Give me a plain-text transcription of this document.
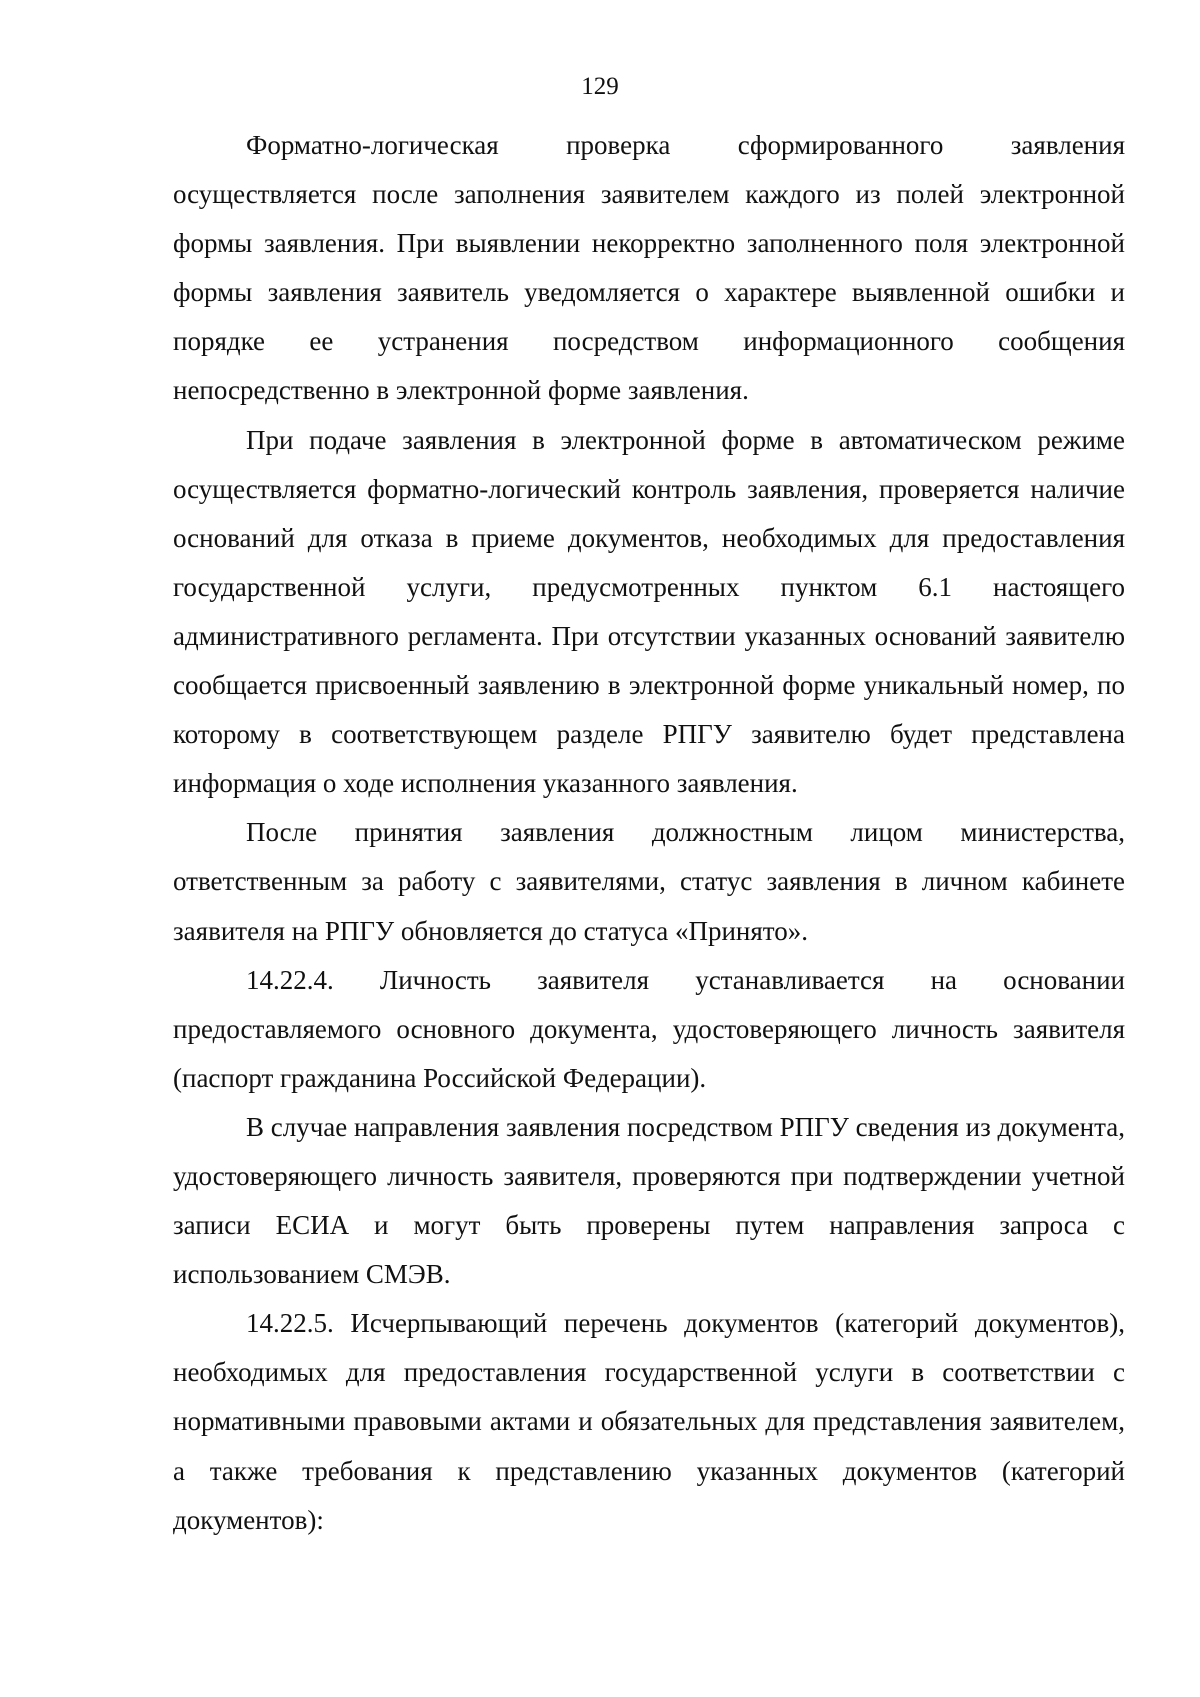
129

Форматно-логическая проверка сформированного заявления осуществляется после заполнения заявителем каждого из полей электронной формы заявления. При выявлении некорректно заполненного поля электронной формы заявления заявитель уведомляется о характере выявленной ошибки и порядке ее устранения посредством информационного сообщения непосредственно в электронной форме заявления.

При подаче заявления в электронной форме в автоматическом режиме осуществляется форматно-логический контроль заявления, проверяется наличие оснований для отказа в приеме документов, необходимых для предоставления государственной услуги, предусмотренных пунктом 6.1 настоящего административного регламента. При отсутствии указанных оснований заявителю сообщается присвоенный заявлению в электронной форме уникальный номер, по которому в соответствующем разделе РПГУ заявителю будет представлена информация о ходе исполнения указанного заявления.

После принятия заявления должностным лицом министерства, ответственным за работу с заявителями, статус заявления в личном кабинете заявителя на РПГУ обновляется до статуса «Принято».

14.22.4. Личность заявителя устанавливается на основании предоставляемого основного документа, удостоверяющего личность заявителя (паспорт гражданина Российской Федерации).

В случае направления заявления посредством РПГУ сведения из документа, удостоверяющего личность заявителя, проверяются при подтверждении учетной записи ЕСИА и могут быть проверены путем направления запроса с использованием СМЭВ.

14.22.5. Исчерпывающий перечень документов (категорий документов), необходимых для предоставления государственной услуги в соответствии с нормативными правовыми актами и обязательных для представления заявителем, а также требования к представлению указанных документов (категорий документов):
